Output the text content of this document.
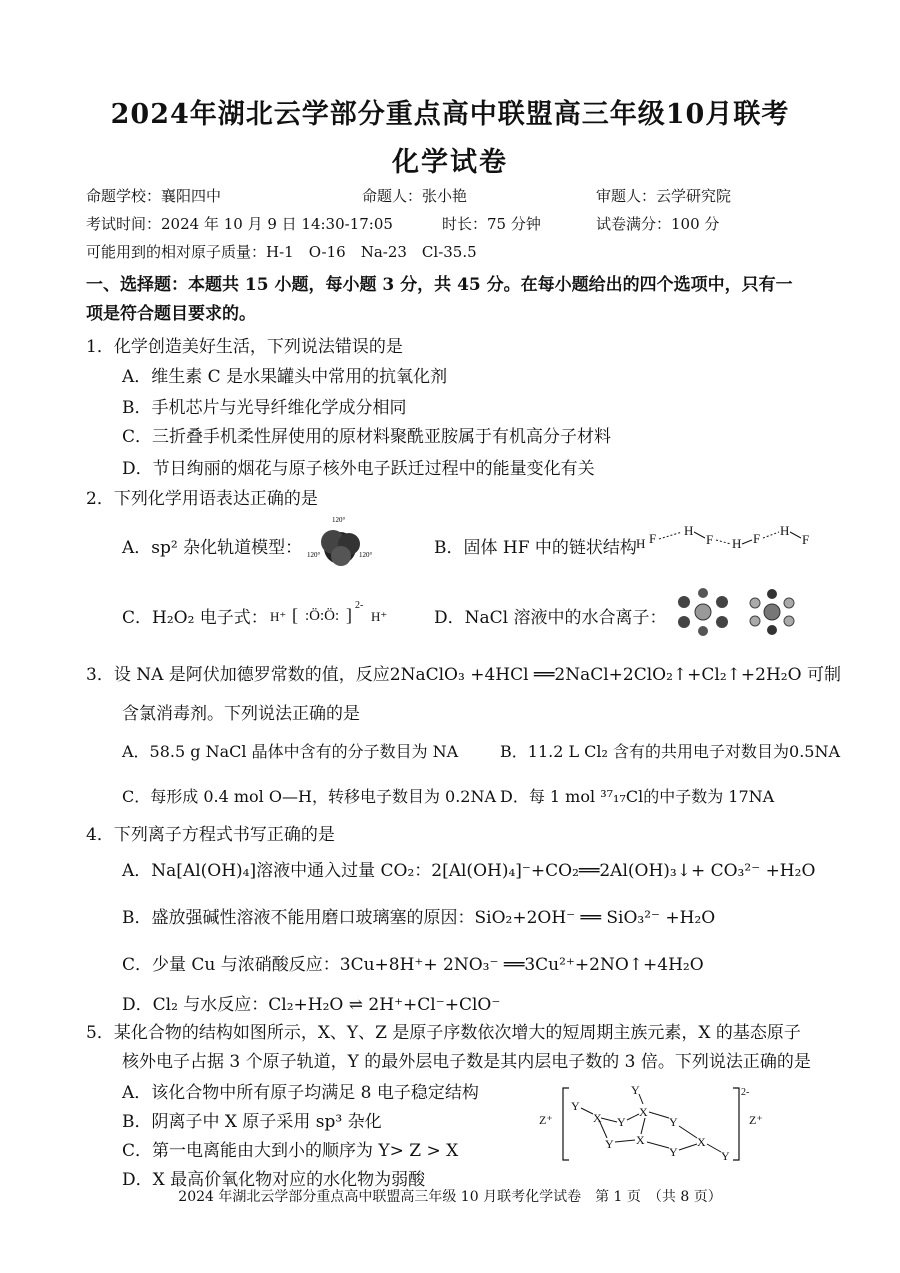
2024年湖北云学部分重点高中联盟高三年级10月联考
化学试卷
命题学校：襄阳四中	命题人：张小艳	审题人：云学研究院
考试时间：2024 年 10 月 9 日 14:30-17:05	时长：75 分钟	试卷满分：100 分
可能用到的相对原子质量：H-1　O-16　Na-23　Cl-35.5
一、选择题：本题共 15 小题，每小题 3 分，共 45 分。在每小题给出的四个选项中，只有一
项是符合题目要求的。
1．化学创造美好生活，下列说法错误的是
A．维生素 C 是水果罐头中常用的抗氧化剂
B．手机芯片与光导纤维化学成分相同
C．三折叠手机柔性屏使用的原材料聚酰亚胺属于有机高分子材料
D．节日绚丽的烟花与原子核外电子跃迁过程中的能量变化有关
2．下列化学用语表达正确的是
A．sp² 杂化轨道模型：
120°
120°	120°	B．固体 HF 中的链状结构 H F
H
F H F
H
F
C．H₂O₂ 电子式： H⁺ [ :Ö:Ö: ] 2-
H⁺	D．NaCl 溶液中的水合离子：
3．设 NA 是阿伏加德罗常数的值，反应2NaClO₃ +4HCl ══2NaCl+2ClO₂↑+Cl₂↑+2H₂O 可制
含氯消毒剂。下列说法正确的是
A．58.5 g NaCl 晶体中含有的分子数目为 NA	B．11.2 L Cl₂ 含有的共用电子对数目为0.5NA
C．每形成 0.4 mol O—H，转移电子数目为 0.2NA D．每 1 mol ³⁷₁₇Cl的中子数为 17NA
4．下列离子方程式书写正确的是
A．Na[Al(OH)₄]溶液中通入过量 CO₂：2[Al(OH)₄]⁻+CO₂══2Al(OH)₃↓+ CO₃²⁻ +H₂O
B．盛放强碱性溶液不能用磨口玻璃塞的原因：SiO₂+2OH⁻ ══ SiO₃²⁻ +H₂O
C．少量 Cu 与浓硝酸反应：3Cu+8H⁺+ 2NO₃⁻ ══3Cu²⁺+2NO↑+4H₂O
D．Cl₂ 与水反应：Cl₂+H₂O ⇌ 2H⁺+Cl⁻+ClO⁻
5．某化合物的结构如图所示，X、Y、Z 是原子序数依次增大的短周期主族元素，X 的基态原子
核外电子占据 3 个原子轨道，Y 的最外层电子数是其内层电子数的 3 倍。下列说法正确的是
A．该化合物中所有原子均满足 8 电子稳定结构
B．阴离子中 X 原子采用 sp³ 杂化
C．第一电离能由大到小的顺序为 Y> Z > X
D．X 最高价氧化物对应的水化物为弱酸
Z⁺	Z⁺
2-
Y
X Y
Y
X
Y
Y X
Y
X
Y
2024 年湖北云学部分重点高中联盟高三年级 10 月联考化学试卷　第 1 页　（共 8 页）
